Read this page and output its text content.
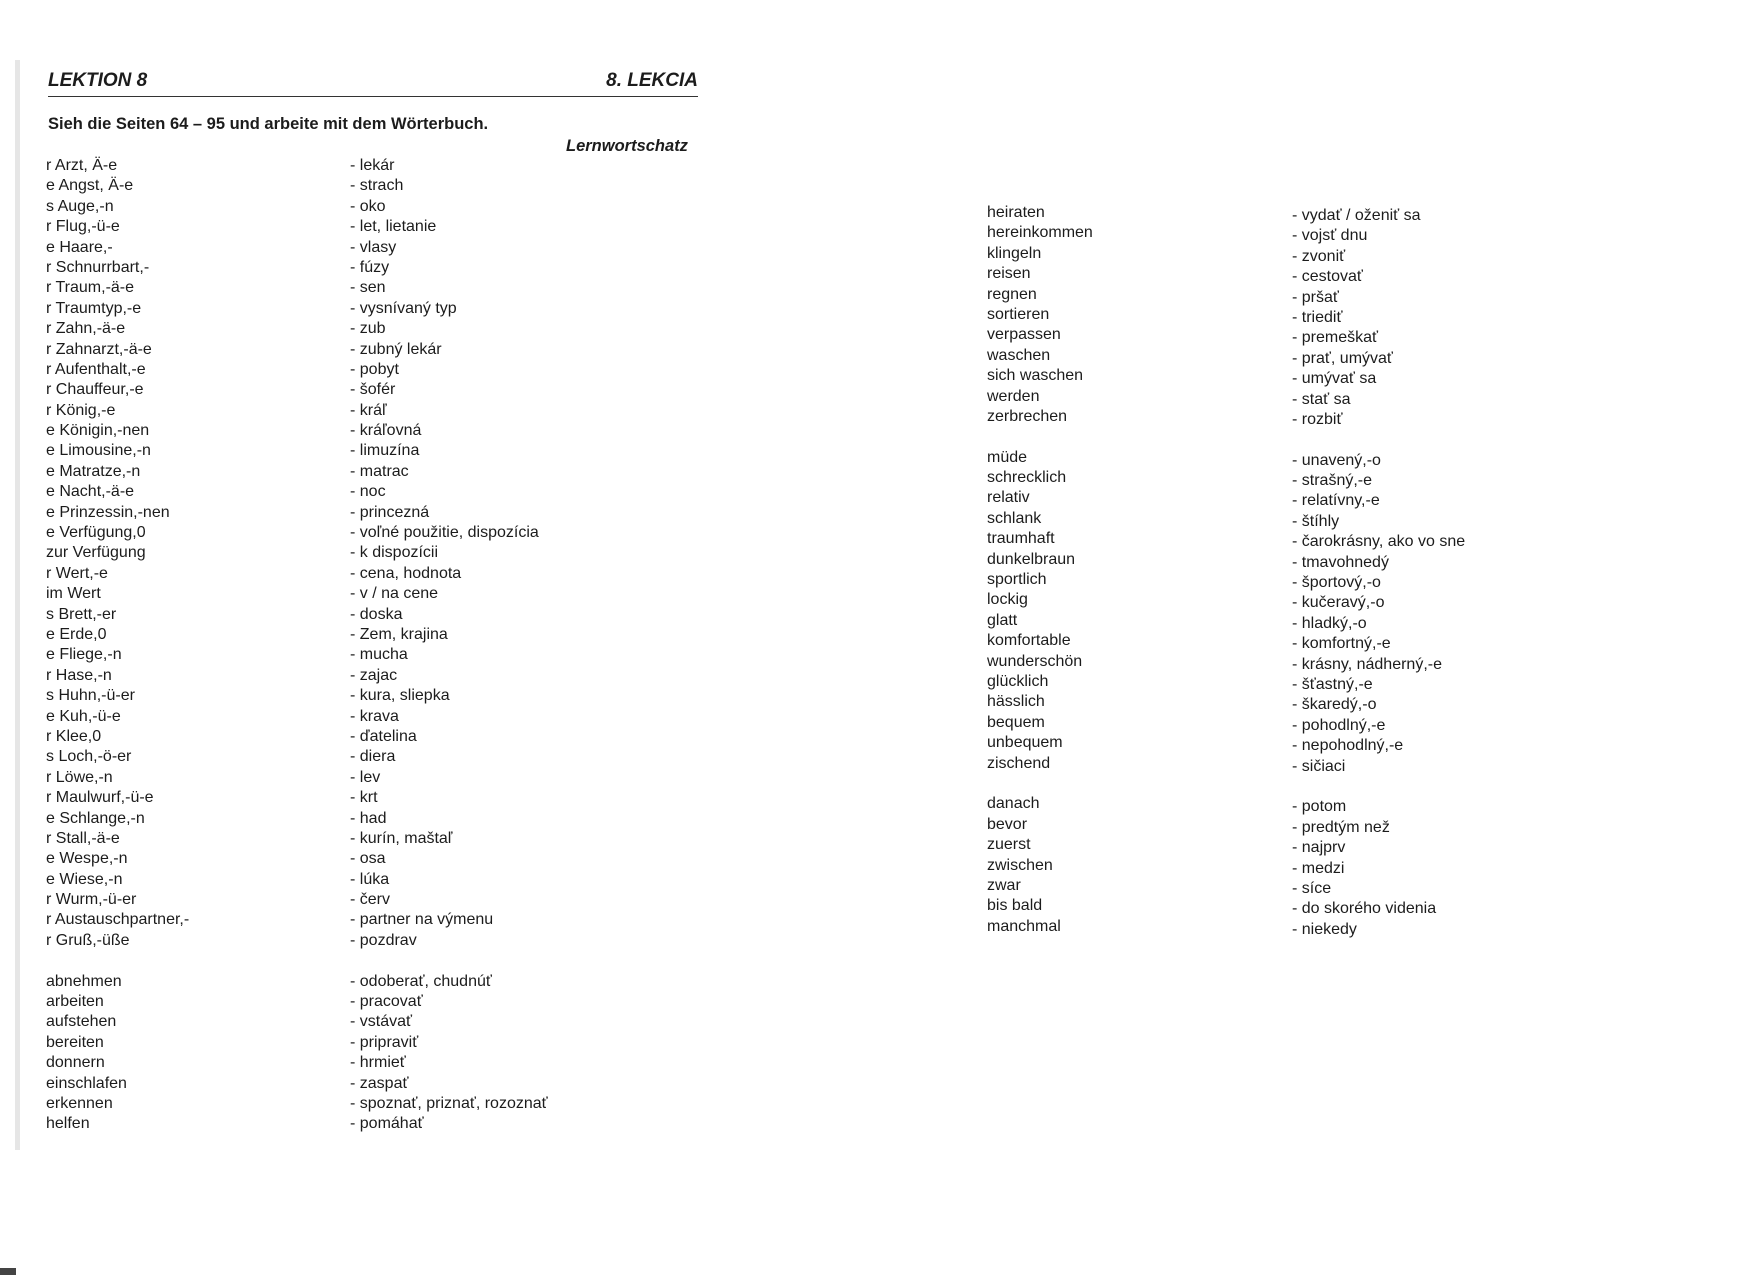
LEKTION 8	8. LEKCIA
Sieh die Seiten 64 – 95 und arbeite mit dem Wörterbuch.
Lernwortschatz
r Arzt, Ä-e
e Angst, Ä-e
s Auge,-n
r Flug,-ü-e
e Haare,-
r Schnurrbart,-
r Traum,-ä-e
r Traumtyp,-e
r Zahn,-ä-e
r Zahnarzt,-ä-e
r Aufenthalt,-e
r Chauffeur,-e
r König,-e
e Königin,-nen
e Limousine,-n
e Matratze,-n
e Nacht,-ä-e
e Prinzessin,-nen
e Verfügung,0
zur Verfügung
r Wert,-e
im Wert
s Brett,-er
e Erde,0
e Fliege,-n
r Hase,-n
s Huhn,-ü-er
e Kuh,-ü-e
r Klee,0
s Loch,-ö-er
r Löwe,-n
r Maulwurf,-ü-e
e Schlange,-n
r Stall,-ä-e
e Wespe,-n
e Wiese,-n
r Wurm,-ü-er
r Austauschpartner,-
r Gruß,-üße
abnehmen
arbeiten
aufstehen
bereiten
donnern
einschlafen
erkennen
helfen
- lekár
- strach
- oko
- let, lietanie
- vlasy
- fúzy
- sen
- vysnívaný typ
- zub
- zubný lekár
- pobyt
- šofér
- kráľ
- kráľovná
- limuzína
- matrac
- noc
- princezná
- voľné použitie, dispozícia
- k dispozícii
- cena, hodnota
- v / na cene
- doska
- Zem, krajina
- mucha
- zajac
- kura, sliepka
- krava
- ďatelina
- diera
- lev
- krt
- had
- kurín, maštaľ
- osa
- lúka
- červ
- partner na výmenu
- pozdrav
- odoberať, chudnúť
- pracovať
- vstávať
- pripraviť
- hrmieť
- zaspať
- spoznať, priznať, rozoznať
- pomáhať
heiraten
hereinkommen
klingeln
reisen
regnen
sortieren
verpassen
waschen
sich waschen
werden
zerbrechen
müde
schrecklich
relativ
schlank
traumhaft
dunkelbraun
sportlich
lockig
glatt
komfortable
wunderschön
glücklich
hässlich
bequem
unbequem
zischend
danach
bevor
zuerst
zwischen
zwar
bis bald
manchmal
- vydať / oženiť sa
- vojsť dnu
- zvoniť
- cestovať
- pršať
- triediť
- premeškať
- prať, umývať
- umývať sa
- stať sa
- rozbiť
- unavený,-o
- strašný,-e
- relatívny,-e
- štíhly
- čarokrásny, ako vo sne
- tmavohnedý
- športový,-o
- kučeravý,-o
- hladký,-o
- komfortný,-e
- krásny, nádherný,-e
- šťastný,-e
- škaredý,-o
- pohodlný,-e
- nepohodlný,-e
- sičiaci
- potom
- predtým než
- najprv
- medzi
- síce
- do skorého videnia
- niekedy
